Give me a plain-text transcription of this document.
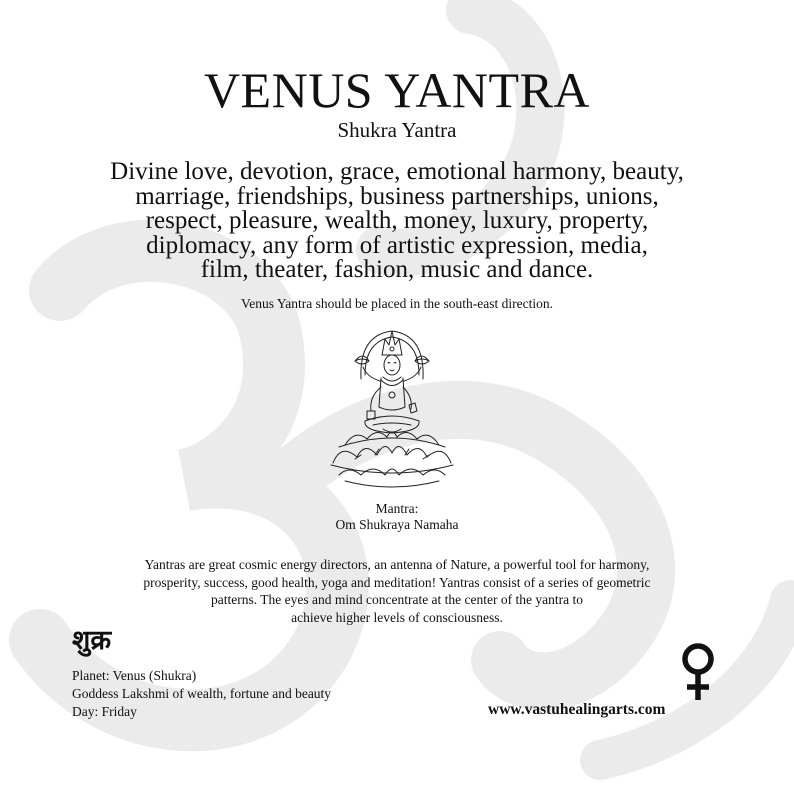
VENUS YANTRA
Shukra Yantra
Divine love, devotion, grace, emotional harmony, beauty,
marriage, friendships, business partnerships, unions,
respect, pleasure, wealth, money, luxury, property,
diplomacy, any form of artistic expression, media,
film, theater, fashion, music and dance.
Venus Yantra should be placed in the south-east direction.
Mantra:
Om Shukraya Namaha
Yantras are great cosmic energy directors, an antenna of Nature, a powerful tool for harmony,
prosperity, success, good health, yoga and meditation! Yantras consist of a series of geometric
patterns. The eyes and mind concentrate at the center of the yantra to
achieve higher levels of consciousness.
शुक्र
Planet: Venus (Shukra)
Goddess Lakshmi of wealth, fortune and beauty
Day: Friday	www.vastuhealingarts.com
